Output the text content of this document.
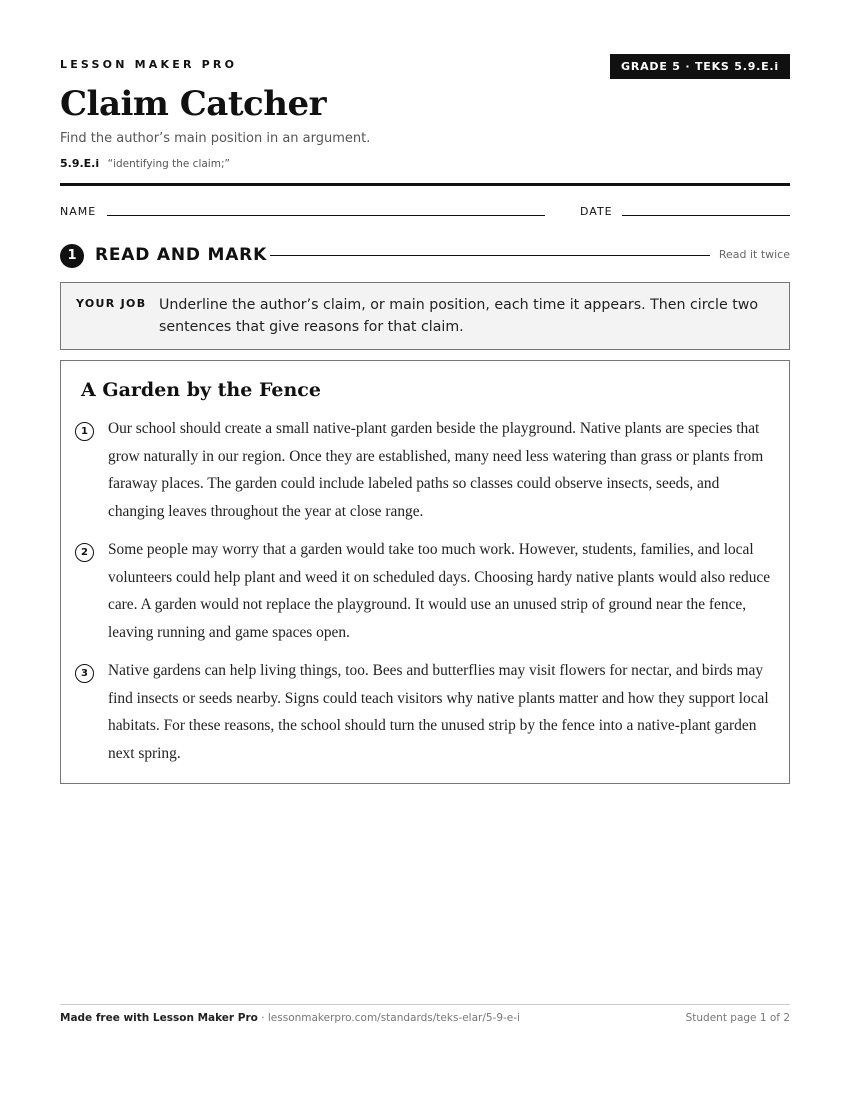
LESSON MAKER PRO	GRADE 5 · TEKS 5.9.E.i
Claim Catcher
Find the author’s main position in an argument.
5.9.E.i “identifying the claim;”
NAME	DATE
1	READ AND MARK	Read it twice
YOUR JOB Underline the author’s claim, or main position, each time it appears. Then circle two sentences that give reasons for that claim.
A Garden by the Fence
1	Our school should create a small native-plant garden beside the playground. Native plants are species that grow naturally in our region. Once they are established, many need less watering than grass or plants from faraway places. The garden could include labeled paths so classes could observe insects, seeds, and changing leaves throughout the year at close range.
2	Some people may worry that a garden would take too much work. However, students, families, and local volunteers could help plant and weed it on scheduled days. Choosing hardy native plants would also reduce care. A garden would not replace the playground. It would use an unused strip of ground near the fence, leaving running and game spaces open.
3	Native gardens can help living things, too. Bees and butterflies may visit flowers for nectar, and birds may find insects or seeds nearby. Signs could teach visitors why native plants matter and how they support local habitats. For these reasons, the school should turn the unused strip by the fence into a native-plant garden next spring.
Made free with Lesson Maker Pro · lessonmakerpro.com/standards/teks-elar/5-9-e-i	Student page 1 of 2
